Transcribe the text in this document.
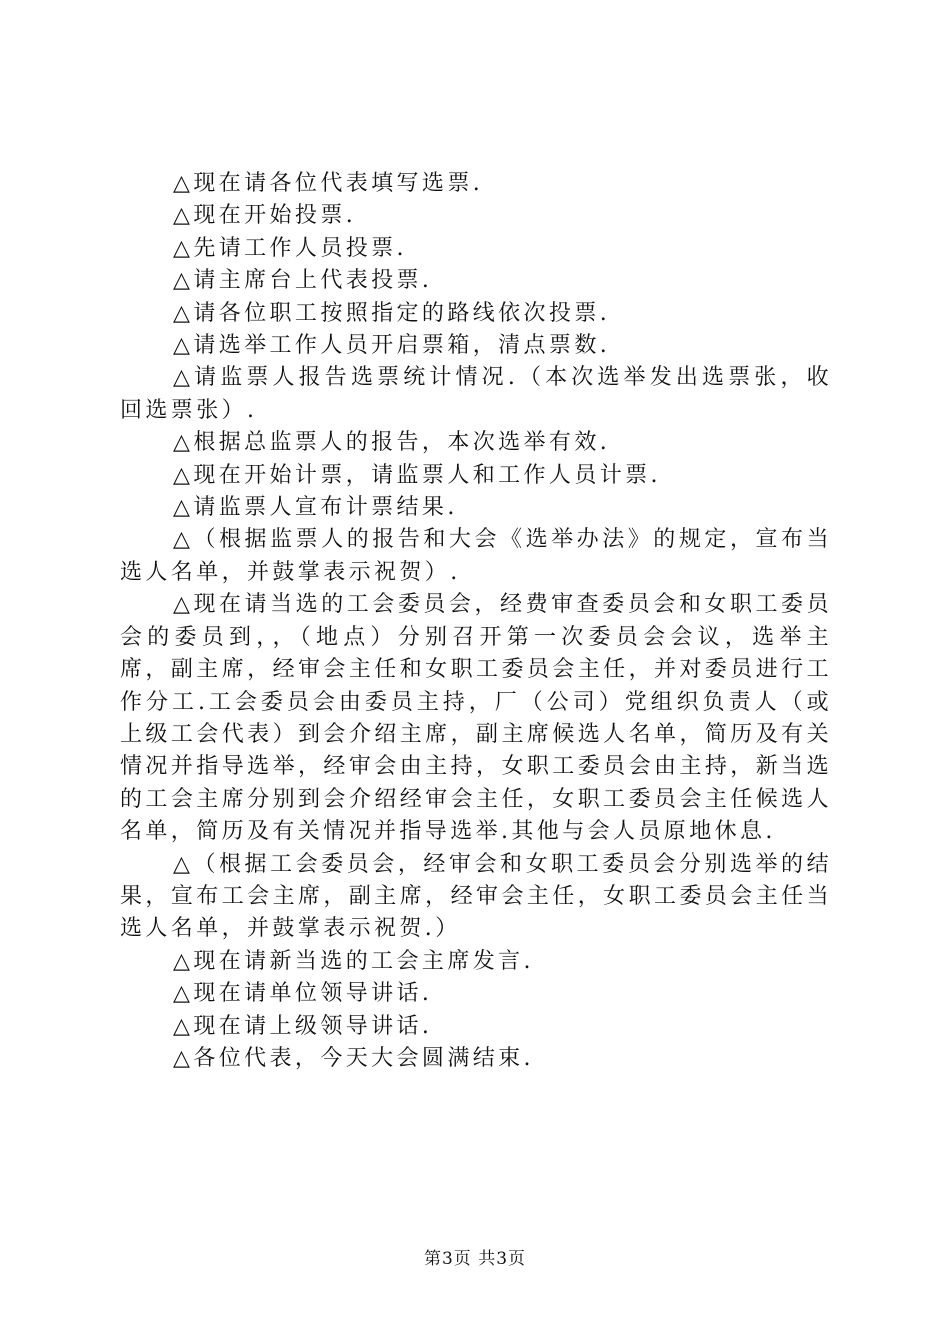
△现在请各位代表填写选票.

△现在开始投票.

△先请工作人员投票.

△请主席台上代表投票.

△请各位职工按照指定的路线依次投票.

△请选举工作人员开启票箱，清点票数.

△请监票人报告选票统计情况.（本次选举发出选票张，收回选票张）.

△根据总监票人的报告，本次选举有效.

△现在开始计票，请监票人和工作人员计票.

△请监票人宣布计票结果.

△（根据监票人的报告和大会《选举办法》的规定，宣布当选人名单，并鼓掌表示祝贺）.

△现在请当选的工会委员会，经费审查委员会和女职工委员会的委员到，，（地点）分别召开第一次委员会会议，选举主席，副主席，经审会主任和女职工委员会主任，并对委员进行工作分工.工会委员会由委员主持，厂（公司）党组织负责人（或上级工会代表）到会介绍主席，副主席候选人名单，简历及有关情况并指导选举，经审会由主持，女职工委员会由主持，新当选的工会主席分别到会介绍经审会主任，女职工委员会主任候选人名单，简历及有关情况并指导选举.其他与会人员原地休息.

△（根据工会委员会，经审会和女职工委员会分别选举的结果，宣布工会主席，副主席，经审会主任，女职工委员会主任当选人名单，并鼓掌表示祝贺.）

△现在请新当选的工会主席发言.

△现在请单位领导讲话.

△现在请上级领导讲话.

△各位代表，今天大会圆满结束.

第3页 共3页
